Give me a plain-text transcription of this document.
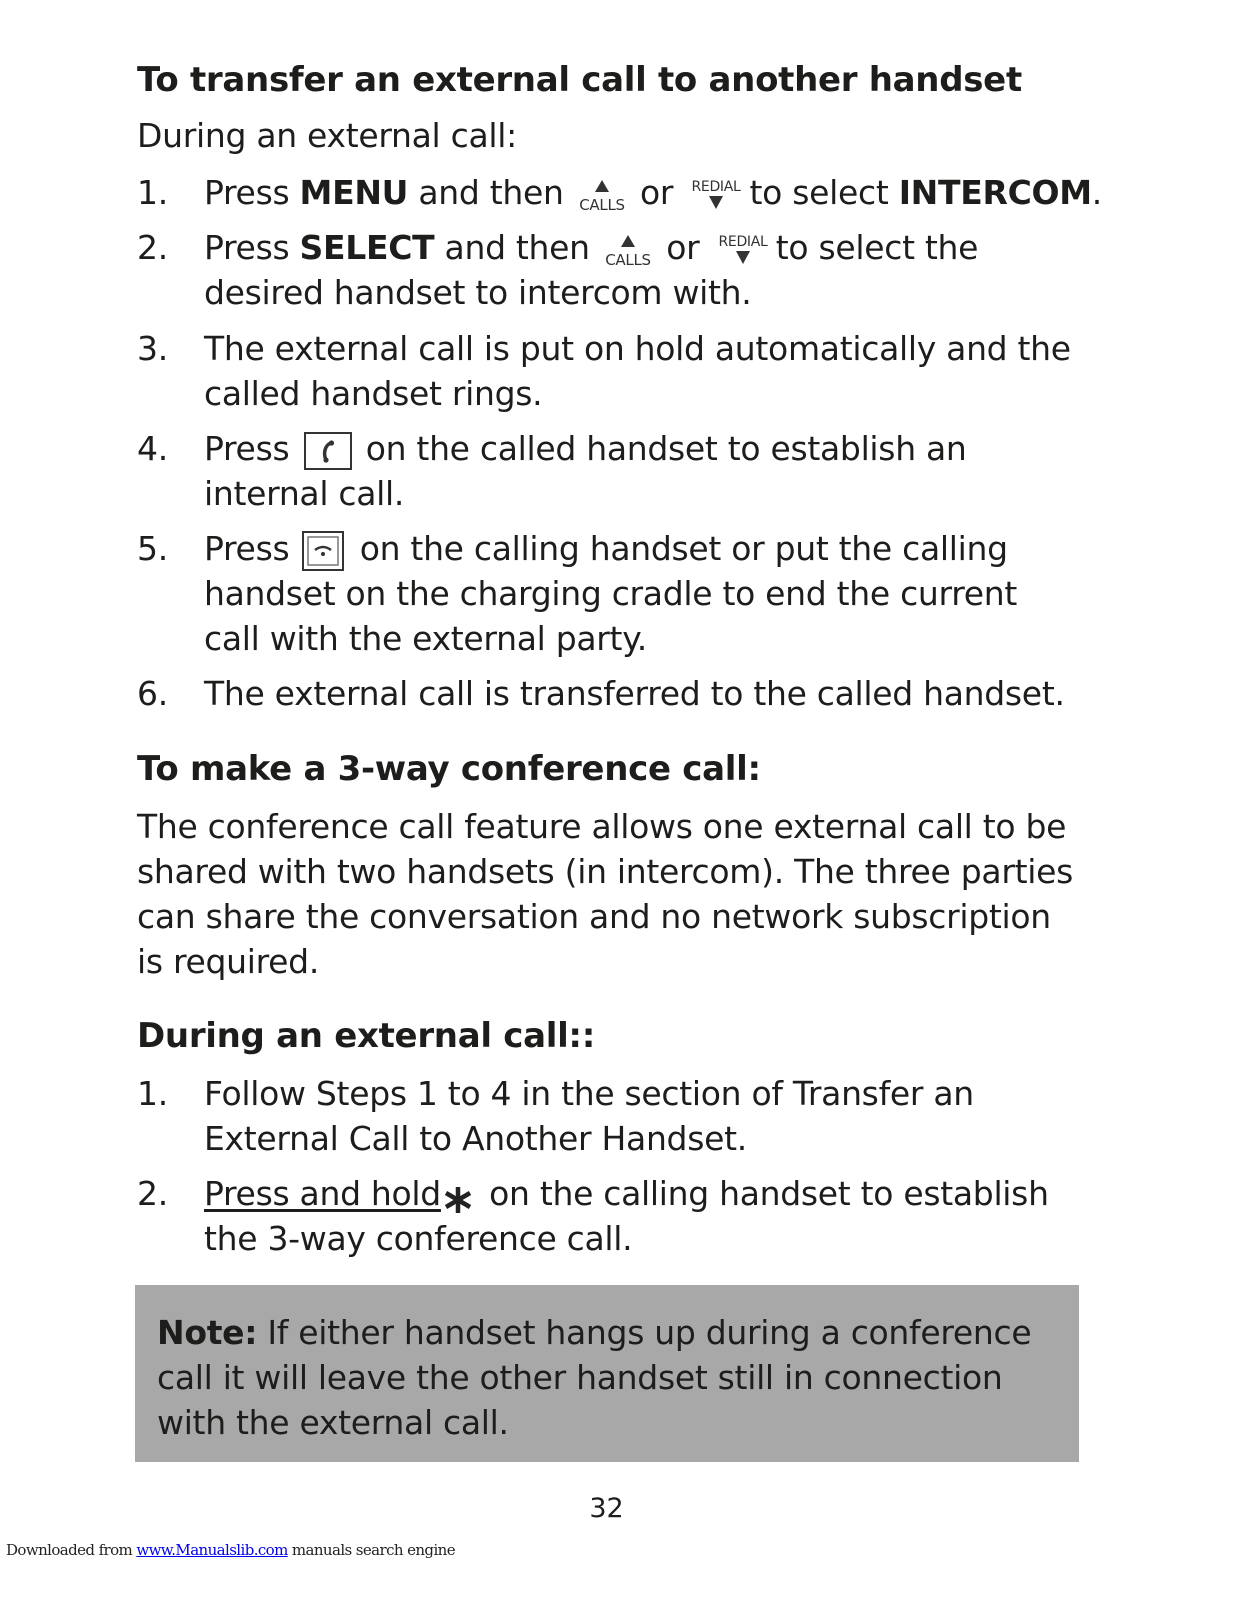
To transfer an external call to another handset

During an external call:

1. Press MENU and then CALLS or REDIAL
to select INTERCOM.
2. Press SELECT and then CALLS or REDIAL
to select the
desired handset to intercom with.
3. The external call is put on hold automatically and the
called handset rings.
4. Press  on the called handset to establish an
internal call.
5. Press  on the calling handset or put the calling
handset on the charging cradle to end the current
call with the external party.
6. The external call is transferred to the called handset.
To make a 3-way conference call:

The conference call feature allows one external call to be
shared with two handsets (in intercom). The three parties
can share the conversation and no network subscription
is required.

During an external call::
1. Follow Steps 1 to 4 in the section of Transfer an
External Call to Another Handset.
2. Press and hold on the calling handset to establish
the 3-way conference call.

Note: If either handset hangs up during a conference
call it will leave the other handset still in connection
with the external call.

32
Downloaded from www.Manualslib.com manuals search engine
